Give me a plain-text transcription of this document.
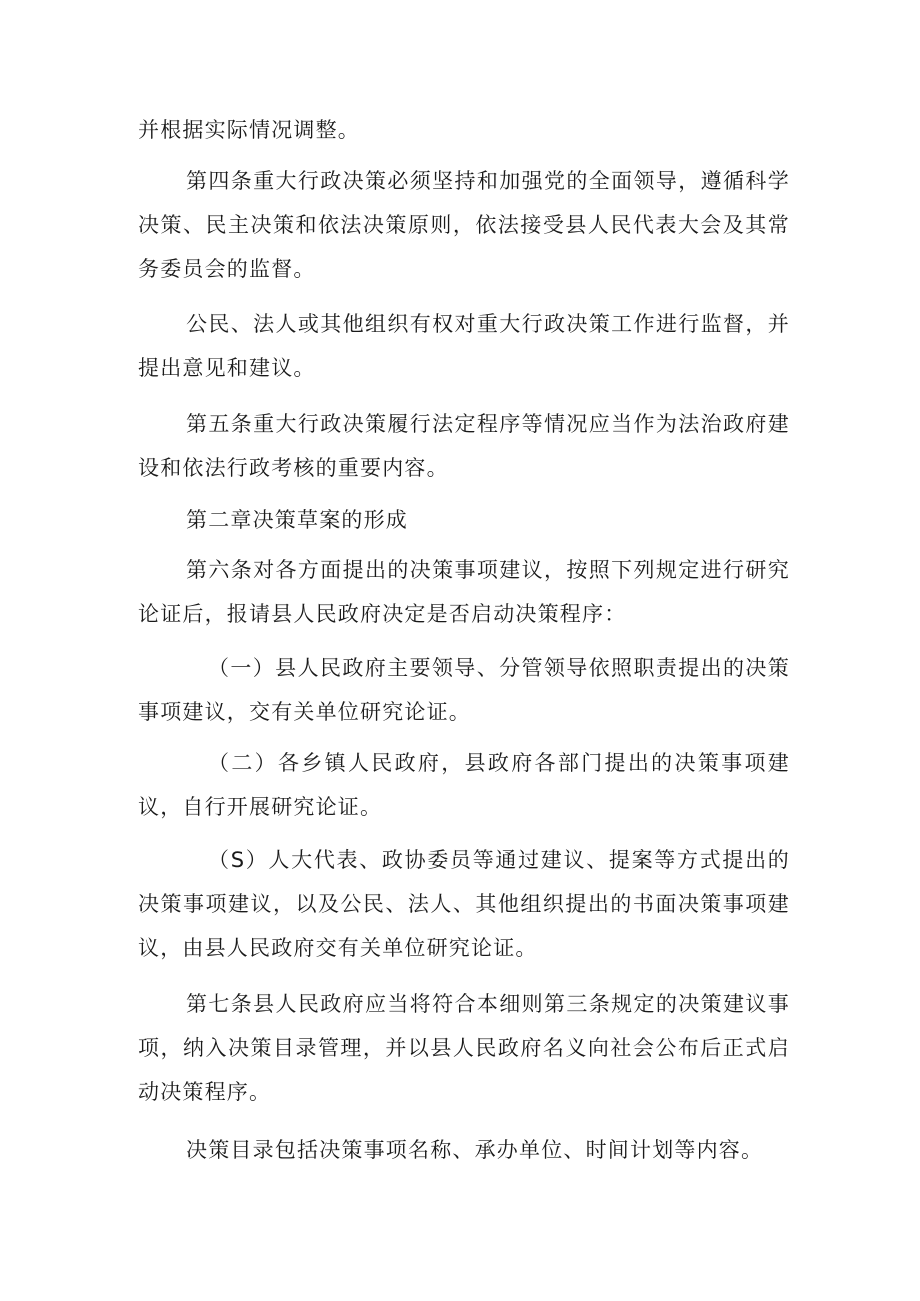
并根据实际情况调整。

第四条重大行政决策必须坚持和加强党的全面领导，遵循科学决策、民主决策和依法决策原则，依法接受县人民代表大会及其常务委员会的监督。

公民、法人或其他组织有权对重大行政决策工作进行监督，并提出意见和建议。

第五条重大行政决策履行法定程序等情况应当作为法治政府建设和依法行政考核的重要内容。

第二章决策草案的形成

第六条对各方面提出的决策事项建议，按照下列规定进行研究论证后，报请县人民政府决定是否启动决策程序：

（一）县人民政府主要领导、分管领导依照职责提出的决策事项建议，交有关单位研究论证。

（二）各乡镇人民政府，县政府各部门提出的决策事项建议，自行开展研究论证。

（S）人大代表、政协委员等通过建议、提案等方式提出的决策事项建议，以及公民、法人、其他组织提出的书面决策事项建议，由县人民政府交有关单位研究论证。

第七条县人民政府应当将符合本细则第三条规定的决策建议事项，纳入决策目录管理，并以县人民政府名义向社会公布后正式启动决策程序。

决策目录包括决策事项名称、承办单位、时间计划等内容。
